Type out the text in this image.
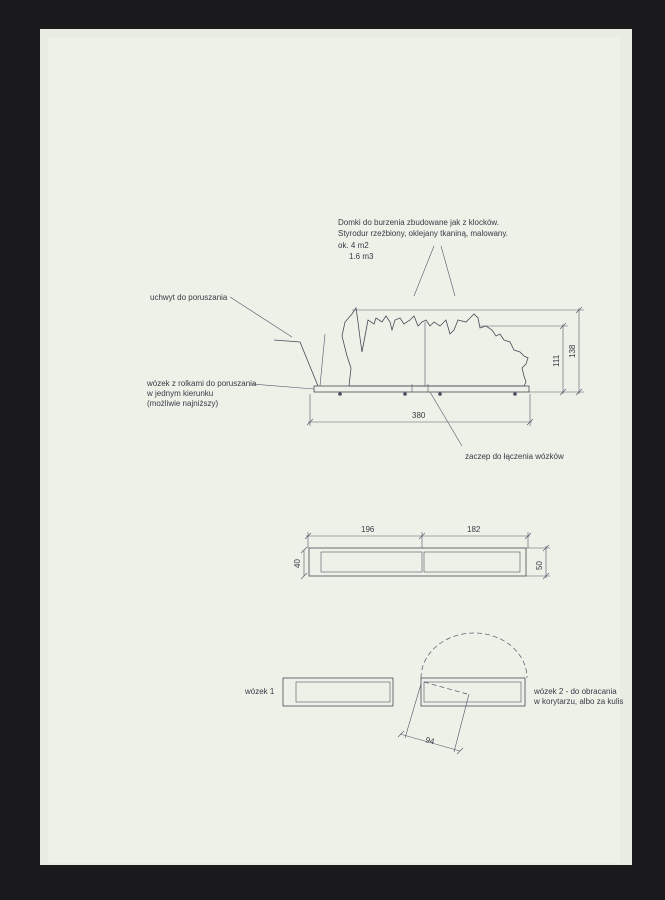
Domki do burzenia zbudowane jak z klocków.
Styrodur rzeźbiony, oklejany tkaniną, malowany.
ok. 4 m2
1.6 m3
uchwyt do poruszania
wózek z rolkami do poruszania
w jednym kierunku
(możliwie najniższy)
111
138
380
zaczep do łączenia wózków
196	182
40	50
wózek 1
94
wózek 2 - do obracania
w korytarzu, albo za kulis
